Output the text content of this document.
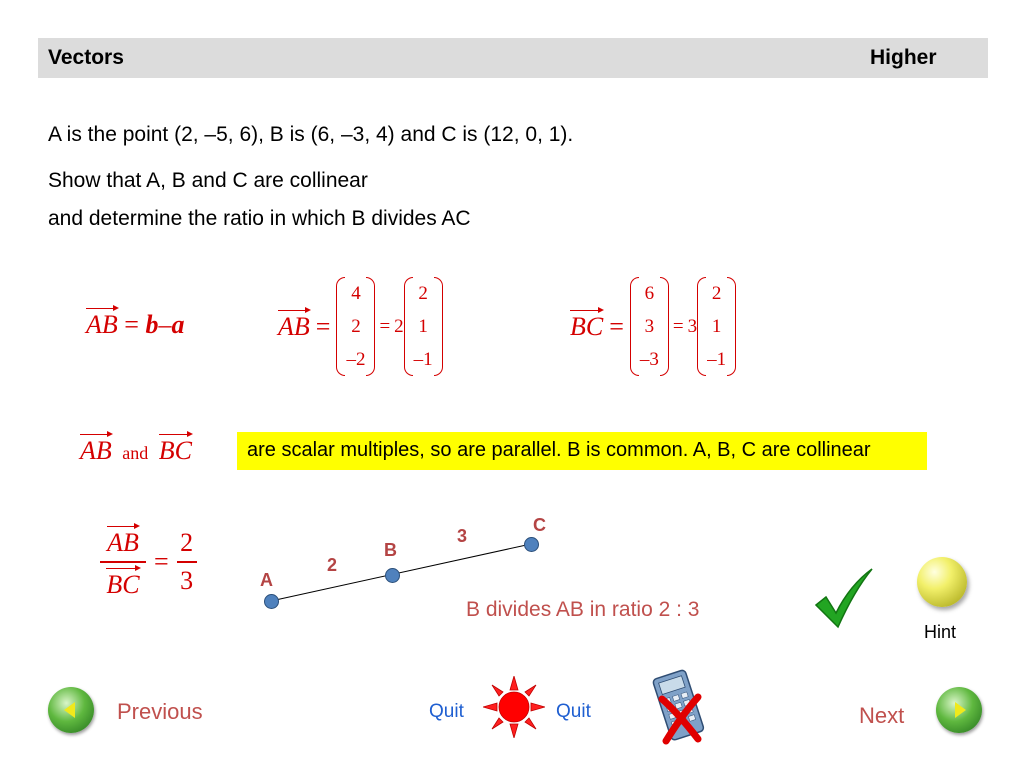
Vectors	Higher
A is the point (2, –5, 6), B is (6, –3, 4) and C is (12, 0, 1).
Show that A, B and C are collinear
and determine the ratio in which B divides AC
AB = b–a	AB =
4
2
–2
= 2
2
1
–1
BC =
6
3
–3
= 3
2
1
–1
AB and BC	are scalar multiples, so are parallel. B is common. A, B, C are collinear
AB
BC
=
2
3	A
B
C
2
3
B divides AB in ratio 2 : 3
Hint
Previous	Quit	Quit	Next
